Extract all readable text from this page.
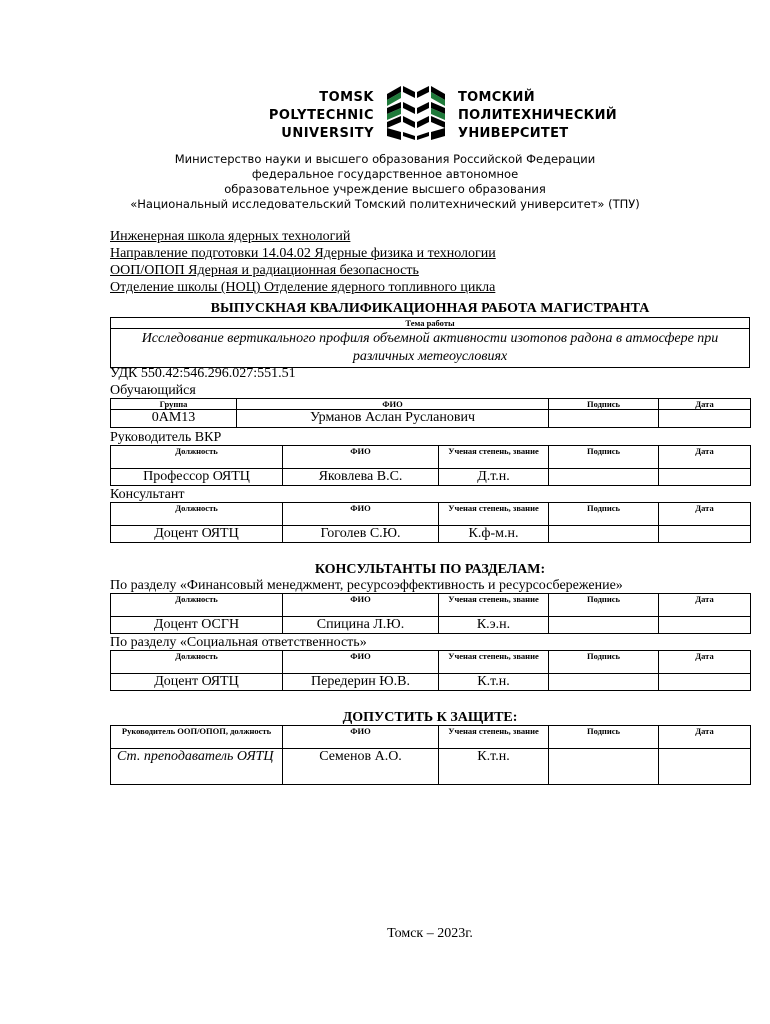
TOMSK
POLYTECHNIC
UNIVERSITY
ТОМСКИЙ
ПОЛИТЕХНИЧЕСКИЙ
УНИВЕРСИТЕТ
Министерство науки и высшего образования Российской Федерации
федеральное государственное автономное
образовательное учреждение высшего образования
«Национальный исследовательский Томский политехнический университет» (ТПУ)
Инженерная школа ядерных технологий
Направление подготовки 14.04.02 Ядерные физика и технологии
ООП/ОПОП Ядерная и радиационная безопасность
Отделение школы (НОЦ) Отделение ядерного топливного цикла
ВЫПУСКНАЯ КВАЛИФИКАЦИОННАЯ РАБОТА МАГИСТРАНТА
Тема работы
Исследование вертикального профиля объемной активности изотопов радона в атмосфере при различных метеоусловиях
УДК 550.42:546.296.027:551.51
Обучающийся
Группа	ФИО	Подпись	Дата
0АМ13	Урманов Аслан Русланович		
Руководитель ВКР
Должность	ФИО	Ученая степень, звание	Подпись	Дата
Профессор ОЯТЦ	Яковлева В.С.	Д.т.н.		
Консультант
Должность	ФИО	Ученая степень, звание	Подпись	Дата
Доцент ОЯТЦ	Гоголев С.Ю.	К.ф-м.н.		
КОНСУЛЬТАНТЫ ПО РАЗДЕЛАМ:
По разделу «Финансовый менеджмент, ресурсоэффективность и ресурсосбережение»
Должность	ФИО	Ученая степень, звание	Подпись	Дата
Доцент ОСГН	Спицина Л.Ю.	К.э.н.		
По разделу «Социальная ответственность»
Должность	ФИО	Ученая степень, звание	Подпись	Дата
Доцент ОЯТЦ	Передерин Ю.В.	К.т.н.		
ДОПУСТИТЬ К ЗАЩИТЕ:
Руководитель ООП/ОПОП, должность	ФИО	Ученая степень, звание	Подпись	Дата
Ст. преподаватель ОЯТЦ	Семенов А.О.	К.т.н.		
Томск – 2023г.
